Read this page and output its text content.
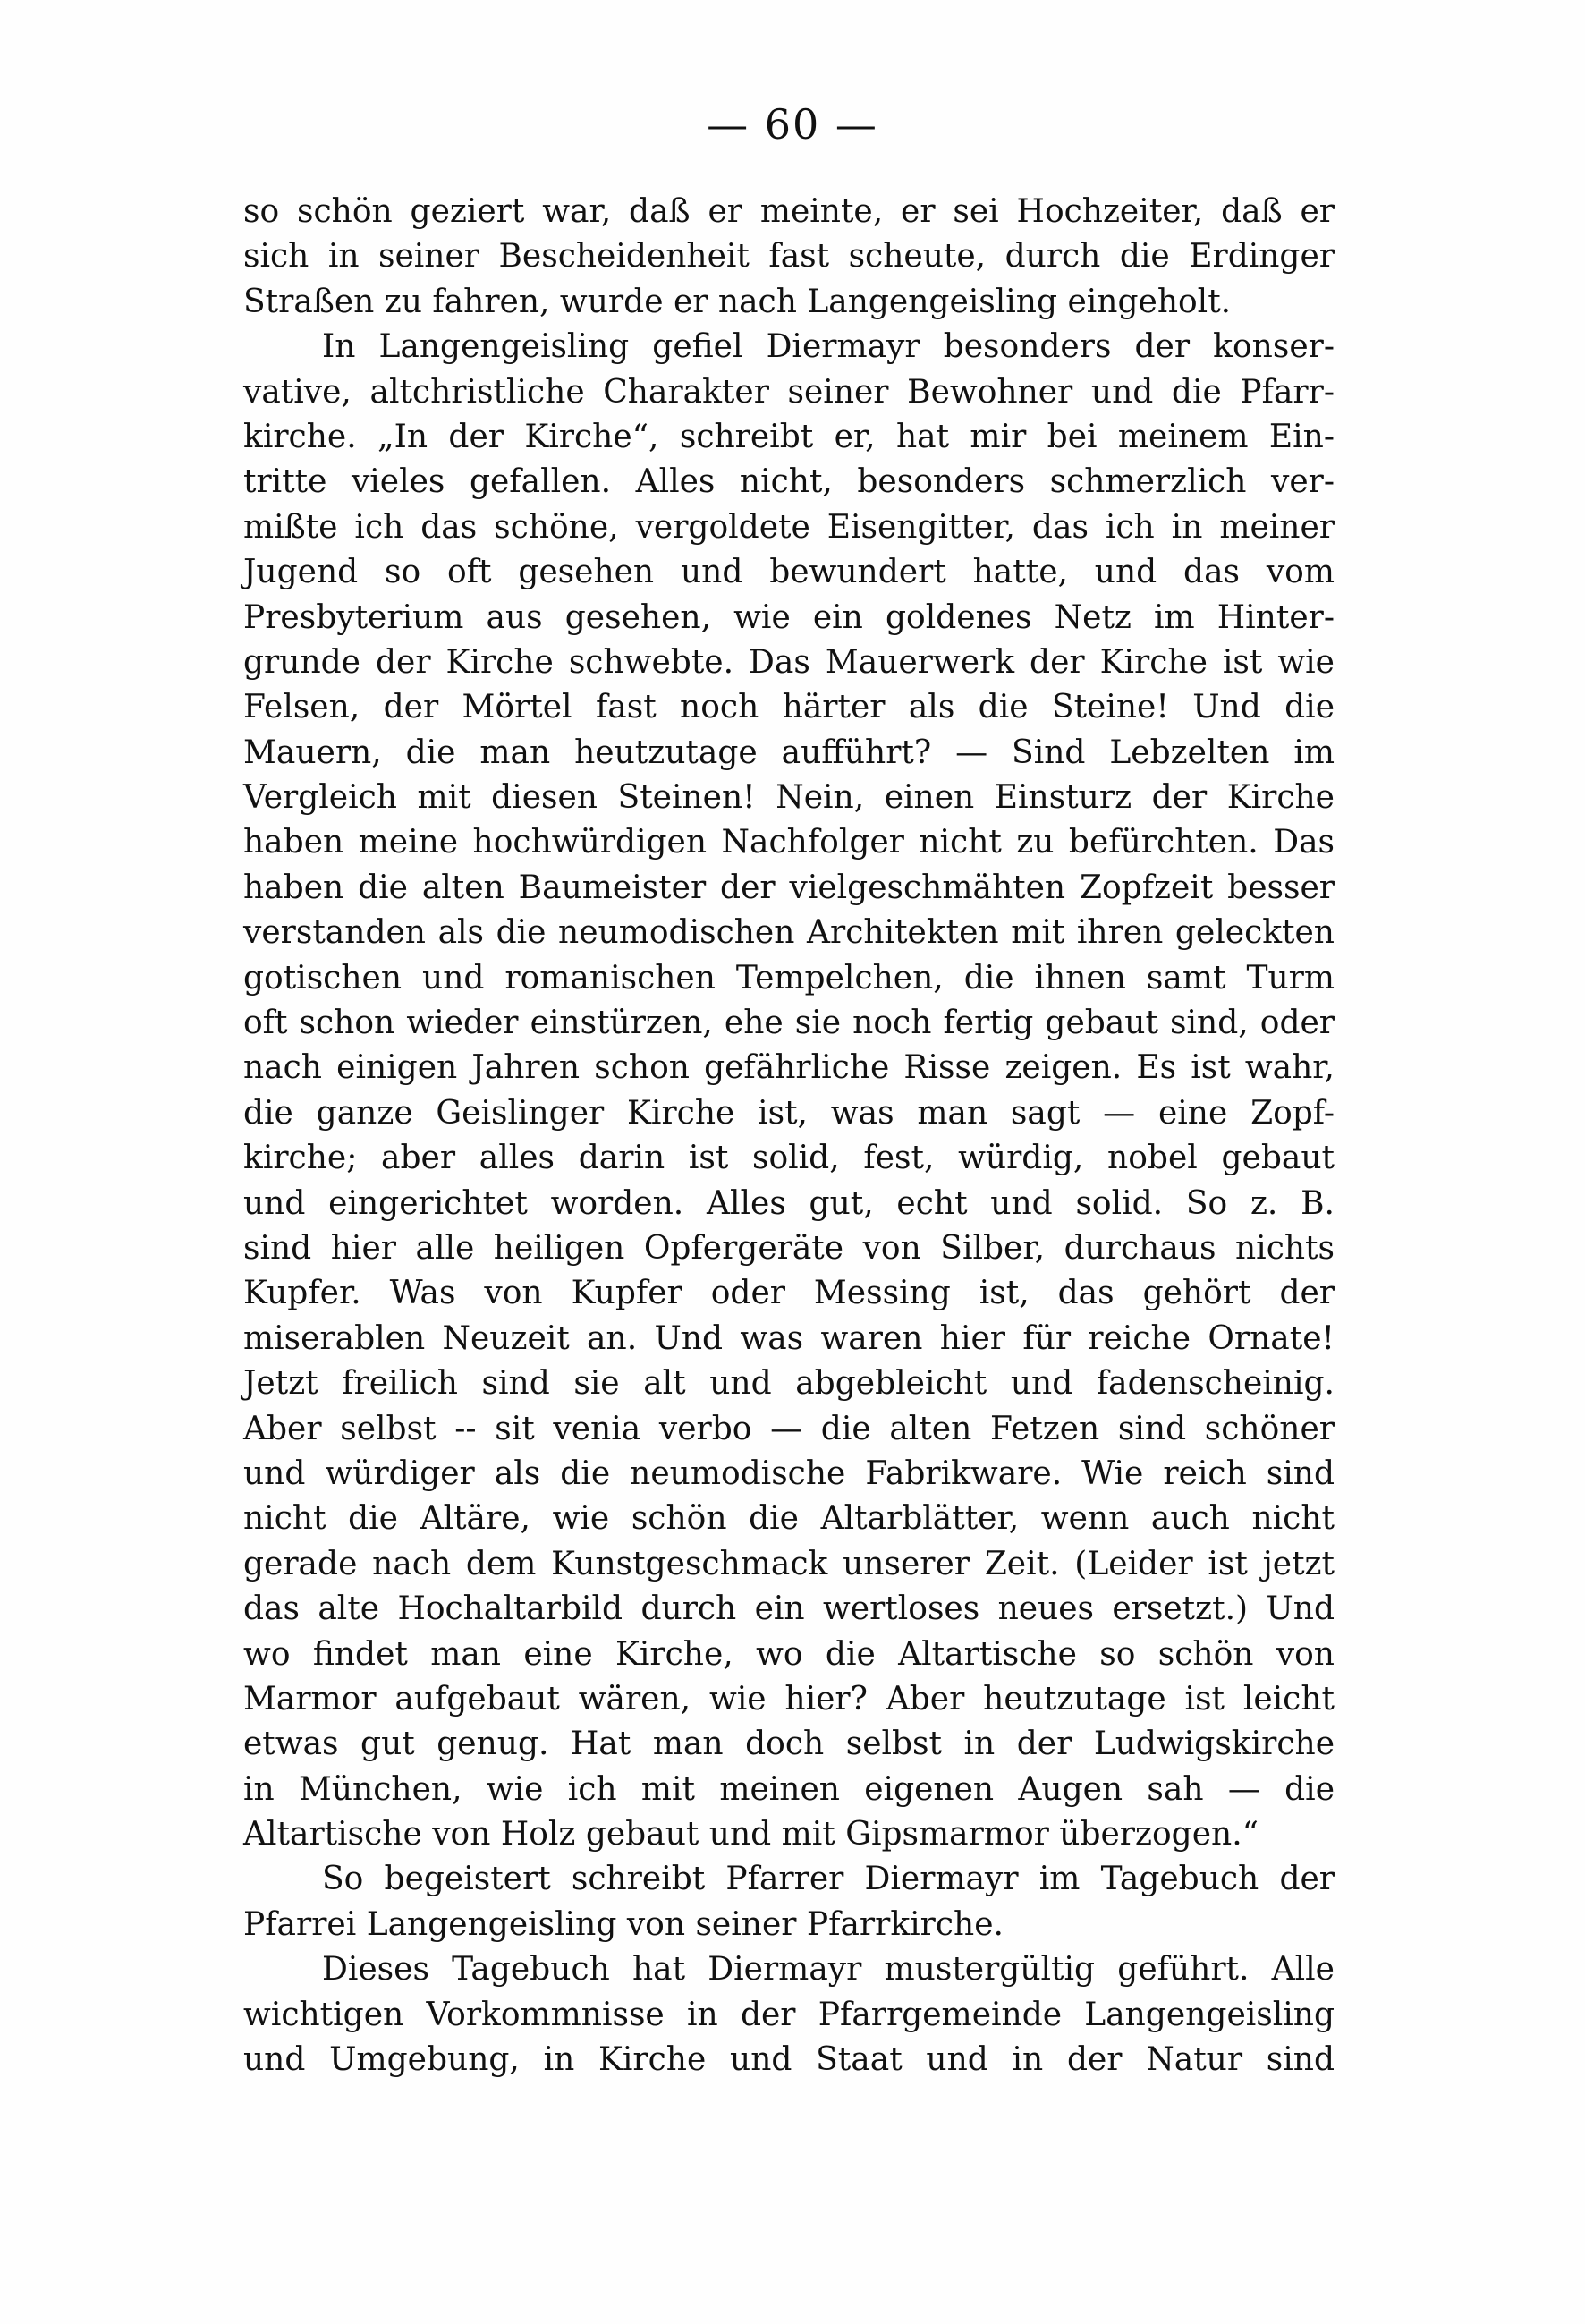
— 60 —
so schön geziert war, daß er meinte, er sei Hochzeiter, daß er
sich in seiner Bescheidenheit fast scheute, durch die Erdinger
Straßen zu fahren, wurde er nach Langengeisling eingeholt.
In Langengeisling gefiel Diermayr besonders der konser-
vative, altchristliche Charakter seiner Bewohner und die Pfarr-
kirche. „In der Kirche“, schreibt er, hat mir bei meinem Ein-
tritte vieles gefallen. Alles nicht, besonders schmerzlich ver-
mißte ich das schöne, vergoldete Eisengitter, das ich in meiner
Jugend so oft gesehen und bewundert hatte, und das vom
Presbyterium aus gesehen, wie ein goldenes Netz im Hinter-
grunde der Kirche schwebte. Das Mauerwerk der Kirche ist wie
Felsen, der Mörtel fast noch härter als die Steine! Und die
Mauern, die man heutzutage aufführt? — Sind Lebzelten im
Vergleich mit diesen Steinen! Nein, einen Einsturz der Kirche
haben meine hochwürdigen Nachfolger nicht zu befürchten. Das
haben die alten Baumeister der vielgeschmähten Zopfzeit besser
verstanden als die neumodischen Architekten mit ihren geleckten
gotischen und romanischen Tempelchen, die ihnen samt Turm
oft schon wieder einstürzen, ehe sie noch fertig gebaut sind, oder
nach einigen Jahren schon gefährliche Risse zeigen. Es ist wahr,
die ganze Geislinger Kirche ist, was man sagt — eine Zopf-
kirche; aber alles darin ist solid, fest, würdig, nobel gebaut
und eingerichtet worden. Alles gut, echt und solid. So z. B.
sind hier alle heiligen Opfergeräte von Silber, durchaus nichts
Kupfer. Was von Kupfer oder Messing ist, das gehört der
miserablen Neuzeit an. Und was waren hier für reiche Ornate!
Jetzt freilich sind sie alt und abgebleicht und fadenscheinig.
Aber selbst -- sit venia verbo — die alten Fetzen sind schöner
und würdiger als die neumodische Fabrikware. Wie reich sind
nicht die Altäre, wie schön die Altarblätter, wenn auch nicht
gerade nach dem Kunstgeschmack unserer Zeit. (Leider ist jetzt
das alte Hochaltarbild durch ein wertloses neues ersetzt.) Und
wo findet man eine Kirche, wo die Altartische so schön von
Marmor aufgebaut wären, wie hier? Aber heutzutage ist leicht
etwas gut genug. Hat man doch selbst in der Ludwigskirche
in München, wie ich mit meinen eigenen Augen sah — die
Altartische von Holz gebaut und mit Gipsmarmor überzogen.“
So begeistert schreibt Pfarrer Diermayr im Tagebuch der
Pfarrei Langengeisling von seiner Pfarrkirche.
Dieses Tagebuch hat Diermayr mustergültig geführt. Alle
wichtigen Vorkommnisse in der Pfarrgemeinde Langengeisling
und Umgebung, in Kirche und Staat und in der Natur sind
